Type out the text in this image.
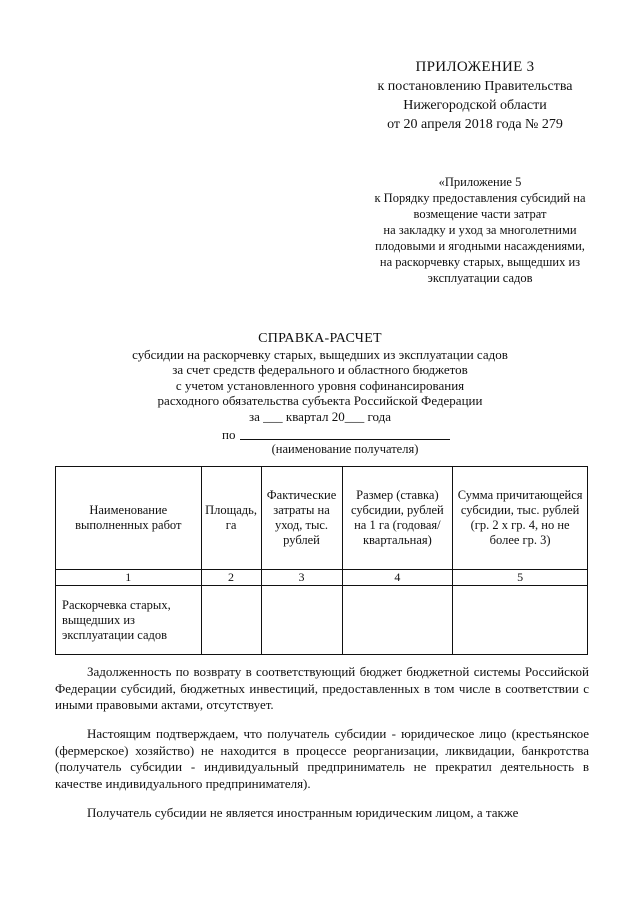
ПРИЛОЖЕНИЕ 3
к постановлению Правительства
Нижегородской области
от 20 апреля 2018 года № 279
«Приложение 5
к Порядку предоставления субсидий на
возмещение части затрат
на закладку и уход за многолетними
плодовыми и ягодными насаждениями,
на раскорчевку старых, выщедших из
эксплуатации садов
СПРАВКА-РАСЧЕТ
субсидии на раскорчевку старых, выщедших из эксплуатации садов
за счет средств федерального и областного бюджетов
с учетом установленного уровня софинансирования
расходного обязательства субъекта Российской Федерации
за ___ квартал 20___ года
по
(наименование получателя)
Наименование выполненных работ	Площадь, га	Фактические затраты на уход, тыс. рублей	Размер (ставка) субсидии, рублей на 1 га (годовая/квартальная)	Сумма причитающейся субсидии, тыс. рублей (гр. 2 х гр. 4, но не более гр. 3)
1	2	3	4	5
Раскорчевка старых, выщедших из эксплуатации садов				
Задолженность по возврату в соответствующий бюджет бюджетной системы Российской Федерации субсидий, бюджетных инвестиций, предоставленных в том числе в соответствии с иными правовыми актами, отсутствует.
Настоящим подтверждаем, что получатель субсидии - юридическое лицо (крестьянское (фермерское) хозяйство) не находится в процессе реорганизации, ликвидации, банкротства (получатель субсидии - индивидуальный предприниматель не прекратил деятельность в качестве индивидуального предпринимателя).
Получатель субсидии не является иностранным юридическим лицом, а также
